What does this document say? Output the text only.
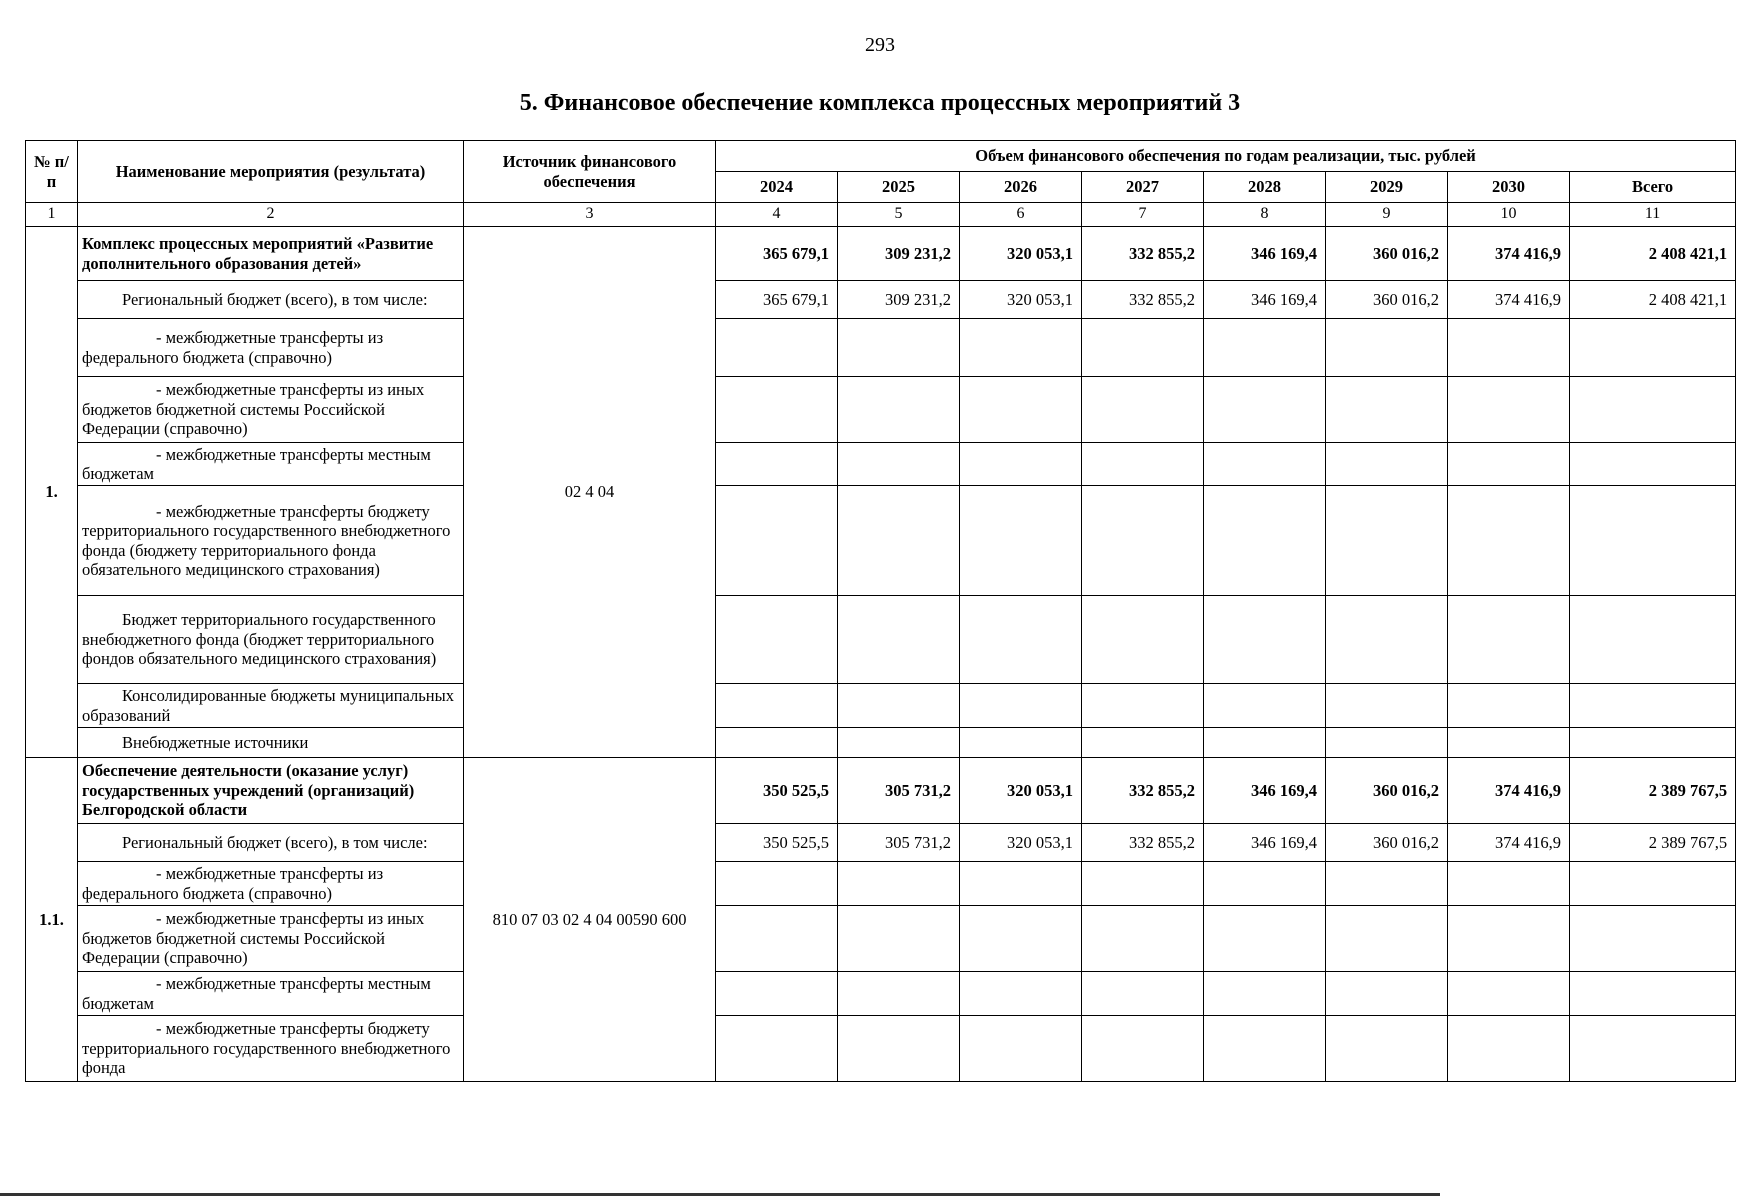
293
5. Финансовое обеспечение комплекса процессных мероприятий 3
№ п/п	Наименование мероприятия (результата)	Источник финансового обеспечения	Объем финансового обеспечения по годам реализации, тыс. рублей							
			2024	2025	2026	2027	2028	2029	2030	Всего
1	2	3	4	5	6	7	8	9	10	11
1.	Комплекс процессных мероприятий «Развитие дополнительного образования детей»	02 4 04	365 679,1	309 231,2	320 053,1	332 855,2	346 169,4	360 016,2	374 416,9	2 408 421,1
	Региональный бюджет (всего), в том числе:		365 679,1	309 231,2	320 053,1	332 855,2	346 169,4	360 016,2	374 416,9	2 408 421,1
	- межбюджетные трансферты из федерального бюджета (справочно)									
	- межбюджетные трансферты из иных бюджетов бюджетной системы Российской Федерации (справочно)									
	- межбюджетные трансферты местным бюджетам									
	- межбюджетные трансферты бюджету территориального государственного внебюджетного фонда (бюджету территориального фонда обязательного медицинского страхования)									
	Бюджет территориального государственного внебюджетного фонда (бюджет территориального фондов обязательного медицинского страхования)									
	Консолидированные бюджеты муниципальных образований									
	Внебюджетные источники									
1.1.	Обеспечение деятельности (оказание услуг) государственных учреждений (организаций) Белгородской области	810 07 03 02 4 04 00590 600	350 525,5	305 731,2	320 053,1	332 855,2	346 169,4	360 016,2	374 416,9	2 389 767,5
	Региональный бюджет (всего), в том числе:		350 525,5	305 731,2	320 053,1	332 855,2	346 169,4	360 016,2	374 416,9	2 389 767,5
	- межбюджетные трансферты из федерального бюджета (справочно)									
	- межбюджетные трансферты из иных бюджетов бюджетной системы Российской Федерации (справочно)									
	- межбюджетные трансферты местным бюджетам									
	- межбюджетные трансферты бюджету территориального государственного внебюджетного фонда									
